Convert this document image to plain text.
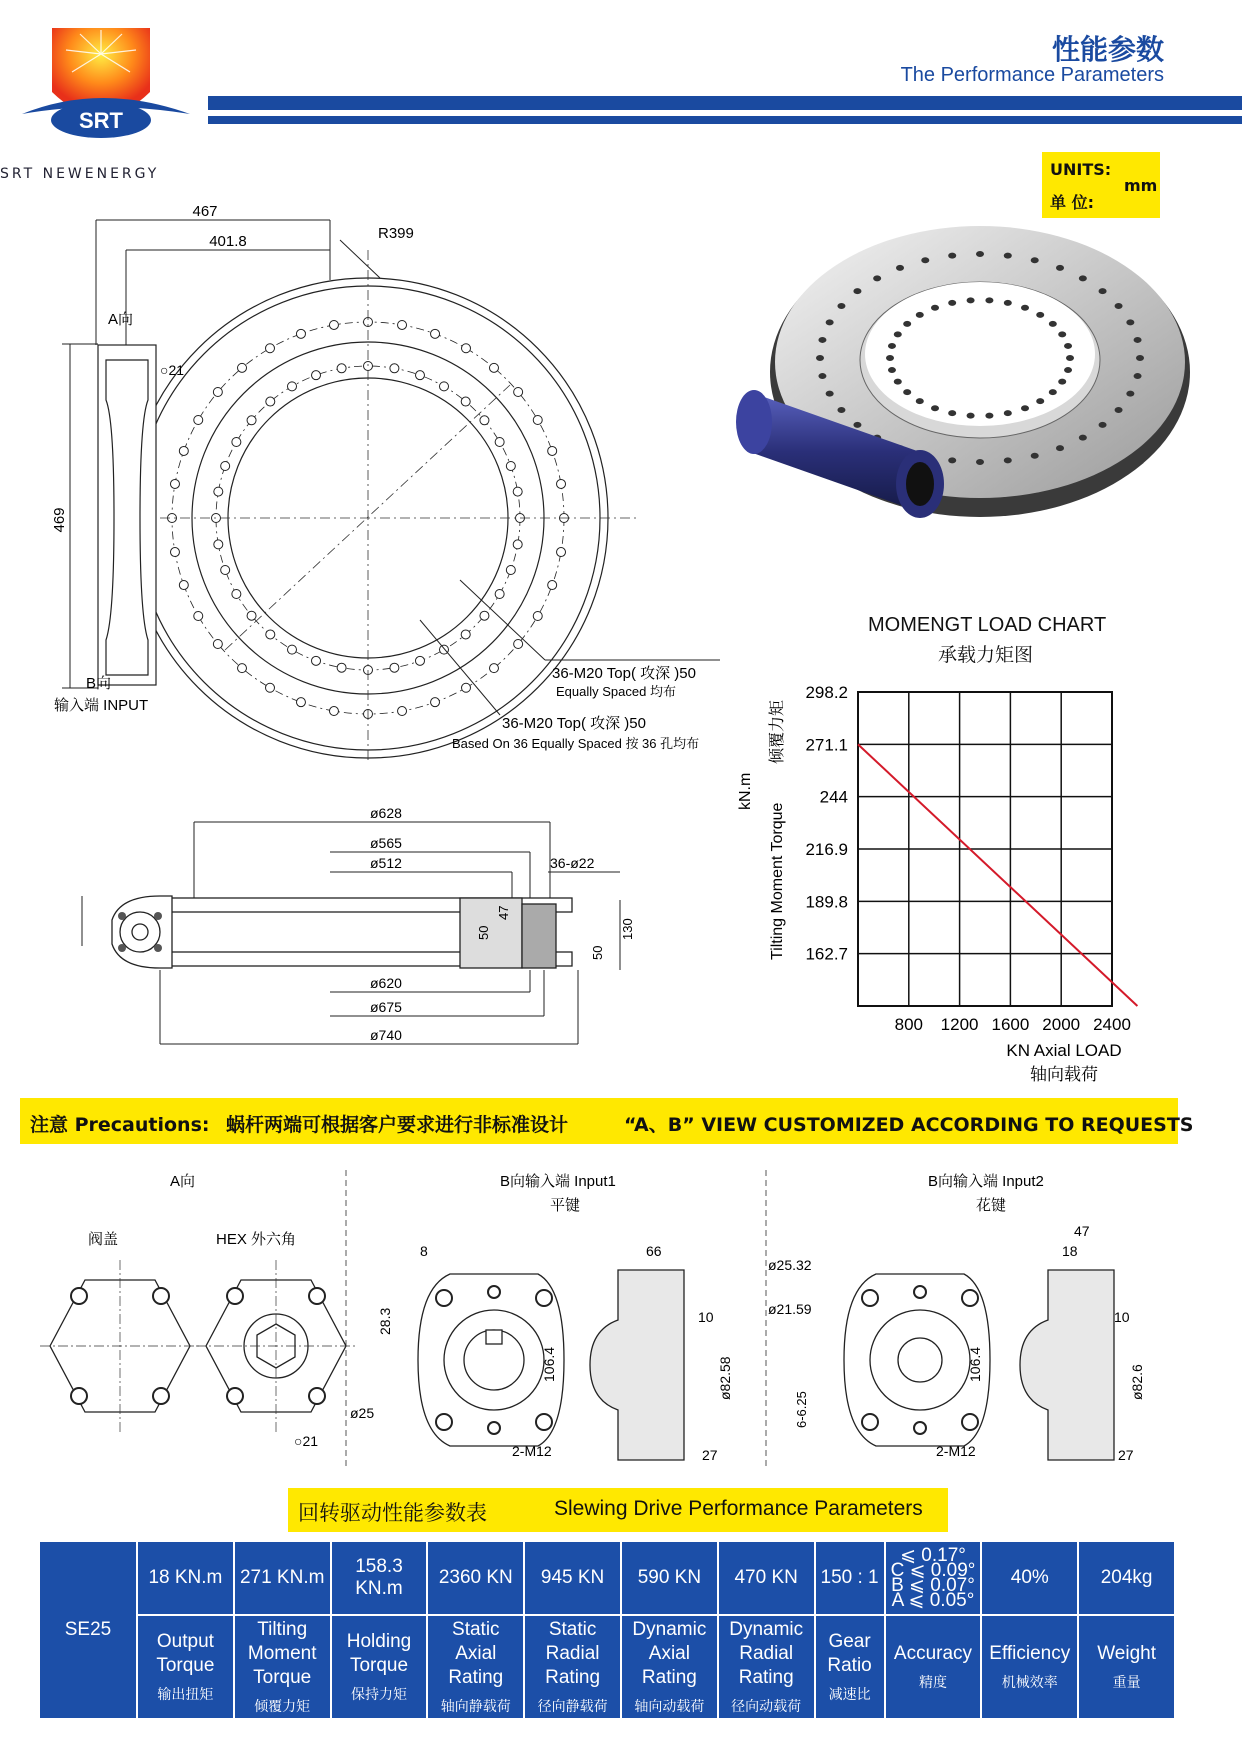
SRT
SRT NEWENERGY
性能参数
The Performance Parameters
UNITS:
单 位:
mm
467
401.8	R399
469
A向
○21
B向
输入端 INPUT
36-M20 Top( 攻深 )50
Equally Spaced 均布
36-M20 Top( 攻深 )50
Based On 36 Equally Spaced 按 36 孔均布
ø628
ø565
ø512	36-ø22
ø620
ø675
ø740
50
47
130
50
MOMENGT LOAD CHART
承载力矩图
298.2
271.1
244
216.9
189.8
162.7
800 1200 1600 2000 2400
kN.m
Tilting Moment Torque
倾覆力矩
KN Axial LOAD
轴向载荷
注意 Precautions: 蜗杆两端可根据客户要求进行非标准设计	“A、B” VIEW CUSTOMIZED ACCORDING TO REQUESTS
A向
阀盖	HEX 外六角
○21
B向输入端 Input1
平键
8
28.3
ø25
106.4
2-M12
66
10
ø82.58
27
B向输入端 Input2
花键
ø25.32
ø21.59
6-6.25
106.4
2-M12
47
18
10
ø82.6
27
回转驱动性能参数表	Slewing Drive Performance Parameters
SE25	18 KN.m	271 KN.m	158.3 KN.m	2360 KN	945 KN	590 KN	470 KN	150 : 1	⩽ 0.17°
C ⩽ 0.09°
B ⩽ 0.07°
A ⩽ 0.05°	40%	204kg

	Output Torque
输出扭矩	Tilting Moment Torque
倾覆力矩	Holding Torque
保持力矩	Static Axial Rating
轴向静载荷	Static Radial Rating
径向静载荷	Dynamic Axial Rating
轴向动载荷	Dynamic Radial Rating
径向动载荷	Gear Ratio
减速比	Accuracy
精度	Efficiency
机械效率	Weight
重量
